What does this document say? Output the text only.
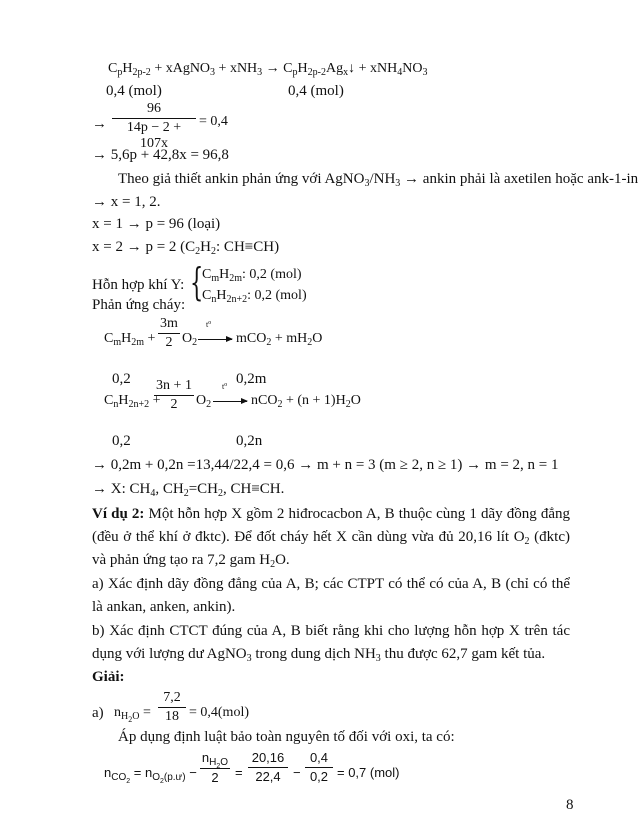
$C_pH_{2p-2}$ + xAgNO$_3$ + $xNH_3 \to C_pH_{2p-2}Ag_x↓ + xNH_4NO_3$
0,4 (mol)	0,4 (mol)
→
96
14p − 2 + 107x
= 0,4
→ 5,6p + 42,8x = 96,8
Theo giả thiết ankin phản ứng với $AgNO_3/NH_3$ → ankin phải là axetilen hoặc ank-1-in
→ x = 1, 2.
x = 1 → p = 96 (loại)
x = 2 → p = 2 ($C_2H_2$: CH≡CH)
Hỗn hợp khí Y: {
$C_mH_{2m}$: 0,2 (mol)
$C_nH_{2n+2}$: 0,2 (mol)
Phản ứng cháy:
$C_mH_{2m}$ +
3m
2 $O_2$
$t^o$
→ $mCO_2 + mH_2O$
0,2	0,2m
$C_nH_{2n+2}$ +
3n + 1
2	$O_2$
$t^o$
→ $nCO_2 + (n + 1)H_2O$
0,2	0,2n
→ 0,2m + 0,2n =13,44/22,4 = 0,6 → m + n = 3 (m ≥ 2, n ≥ 1) → m = 2, n = 1
→ X: $CH_4$, $CH_2=CH_2$, CH≡CH.
Ví dụ 2: Một hỗn hợp X gồm 2 hiđrocacbon A, B thuộc cùng 1 dãy đồng đẳng (đều ở thể khí ở đktc). Để đốt cháy hết X cần dùng vừa đủ 20,16 lít $O_2$ (đktc) và phản ứng tạo ra 7,2 gam $H_2O$.
a) Xác định dãy đồng đẳng của A, B; các CTPT có thể có của A, B (chỉ có thể là ankan, anken, ankin).
b) Xác định CTCT đúng của A, B biết rằng khi cho lượng hỗn hợp X trên tác dụng với lượng dư AgNO$_3$ trong dung dịch $NH_3$ thu được 62,7 gam kết tủa.
Giải:
a) $n_{H_2O}$ =
7,2
18 = 0,4(mol)
Áp dụng định luật bảo toàn nguyên tố đối với oxi, ta có:
$n_{CO_2} = n_{O_2(p.ư)}$ −
$n_{H_2O}$
2	=
20,16
22,4 −
0,4
0,2 = 0,7 (mol)
8
